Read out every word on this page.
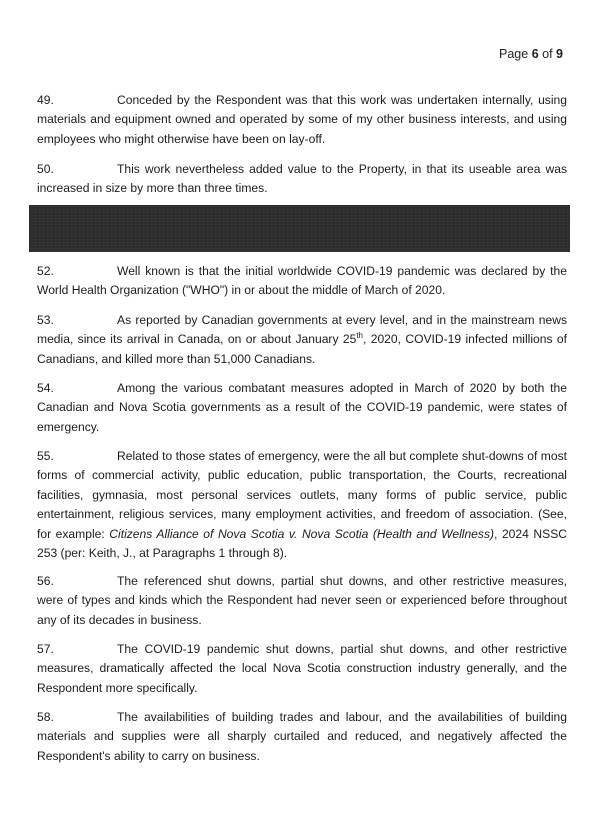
Page 6 of 9

49.	Conceded by the Respondent was that this work was undertaken internally, using materials and equipment owned and operated by some of my other business interests, and using employees who might otherwise have been on lay-off.

50.	This work nevertheless added value to the Property, in that its useable area was increased in size by more than three times.

52.	Well known is that the initial worldwide COVID-19 pandemic was declared by the World Health Organization ("WHO") in or about the middle of March of 2020.

53.	As reported by Canadian governments at every level, and in the mainstream news media, since its arrival in Canada, on or about January 25th, 2020, COVID-19 infected millions of Canadians, and killed more than 51,000 Canadians.

54.	Among the various combatant measures adopted in March of 2020 by both the Canadian and Nova Scotia governments as a result of the COVID-19 pandemic, were states of emergency.

55.	Related to those states of emergency, were the all but complete shut-downs of most forms of commercial activity, public education, public transportation, the Courts, recreational facilities, gymnasia, most personal services outlets, many forms of public service, public entertainment, religious services, many employment activities, and freedom of association. (See, for example: Citizens Alliance of Nova Scotia v. Nova Scotia (Health and Wellness), 2024 NSSC 253 (per: Keith, J., at Paragraphs 1 through 8).

56.	The referenced shut downs, partial shut downs, and other restrictive measures, were of types and kinds which the Respondent had never seen or experienced before throughout any of its decades in business.

57.	The COVID-19 pandemic shut downs, partial shut downs, and other restrictive measures, dramatically affected the local Nova Scotia construction industry generally, and the Respondent more specifically.

58.	The availabilities of building trades and labour, and the availabilities of building materials and supplies were all sharply curtailed and reduced, and negatively affected the Respondent's ability to carry on business.
